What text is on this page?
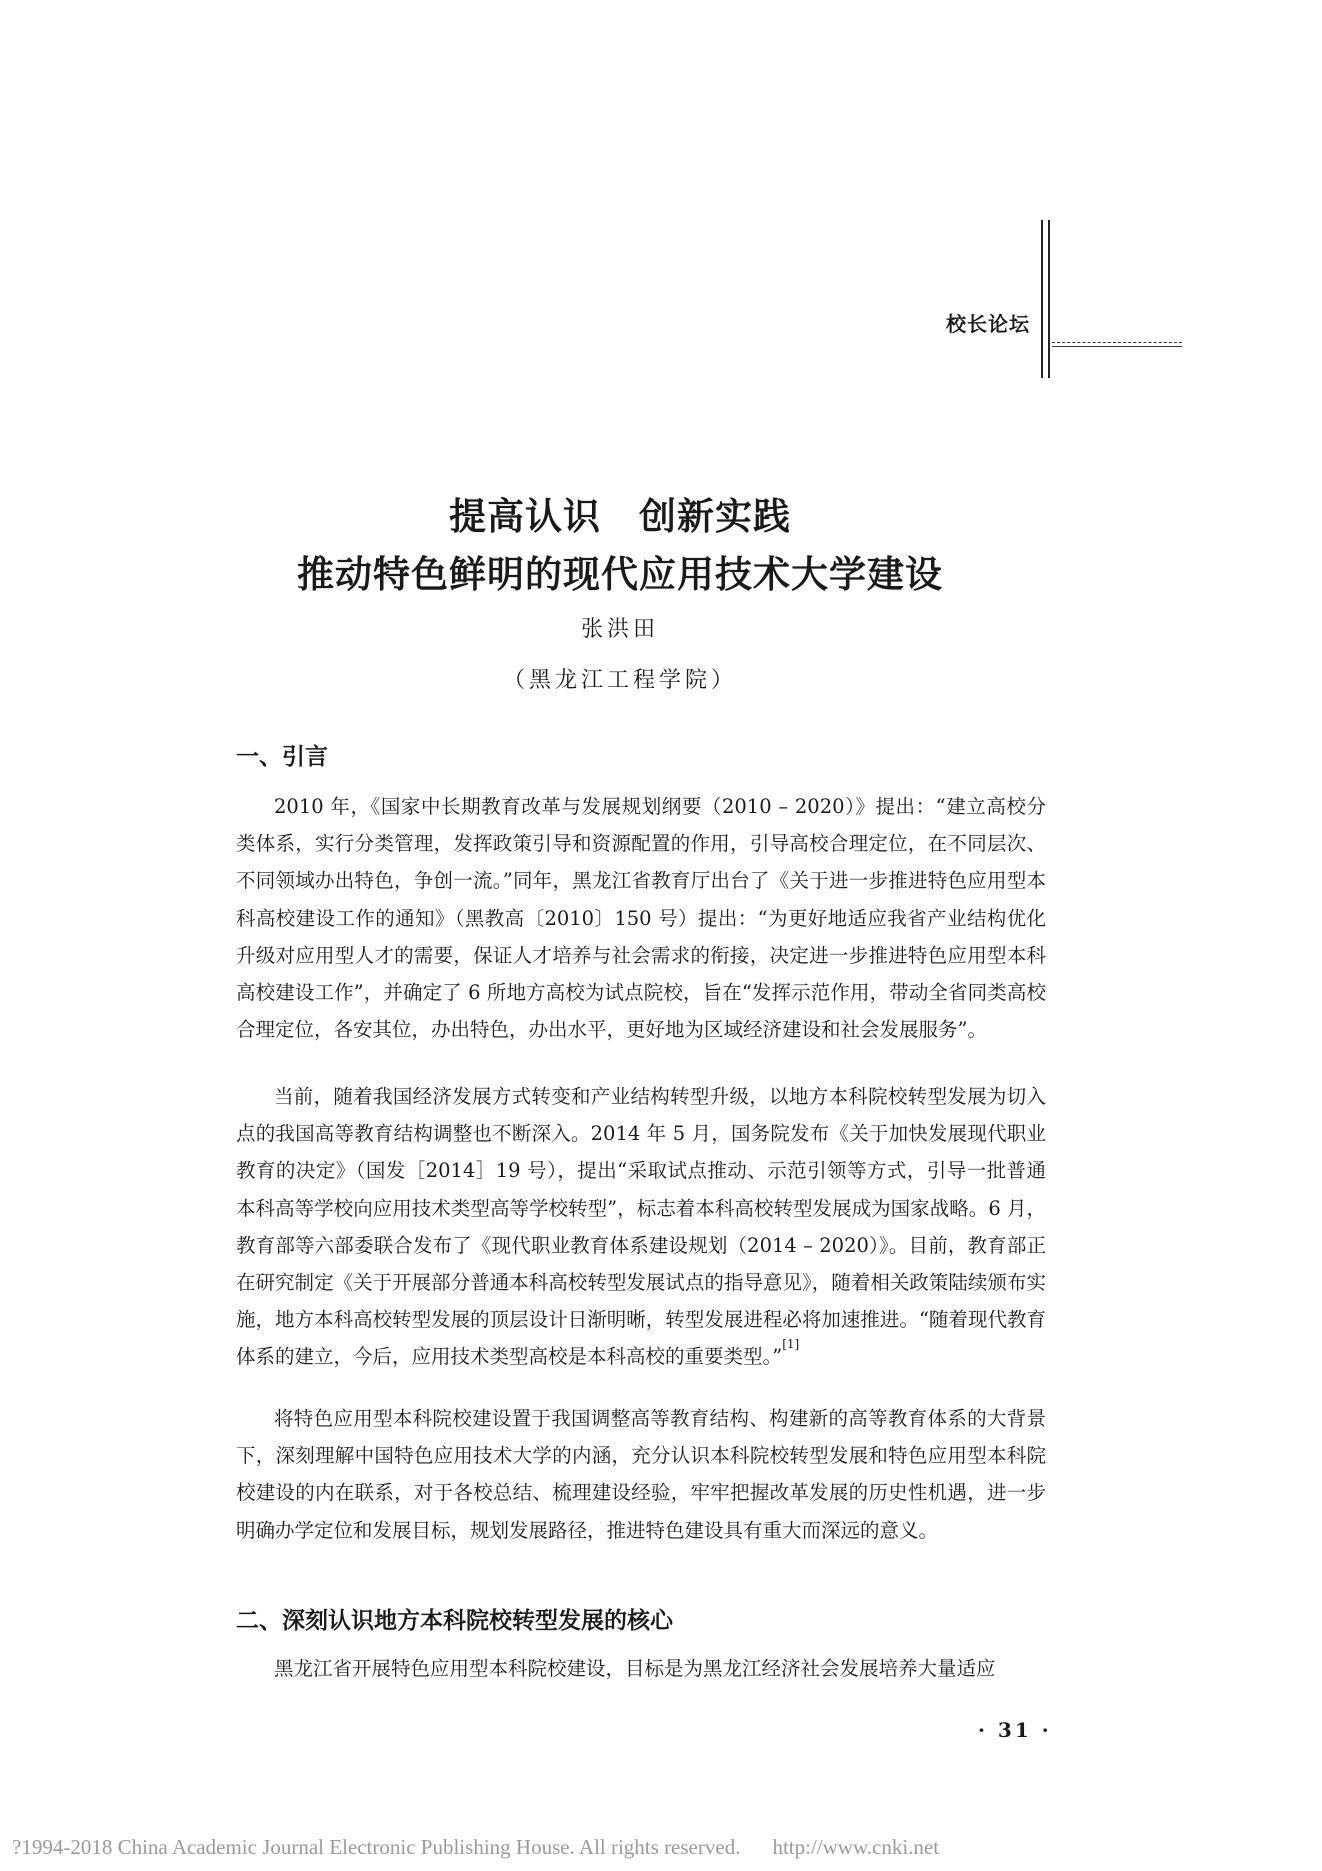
校长论坛
提高认识　创新实践
推动特色鲜明的现代应用技术大学建设
张洪田
（黑龙江工程学院）
一、引言

2010 年，《国家中长期教育改革与发展规划纲要（2010 – 2020）》提出：“建立高校分类体系，实行分类管理，发挥政策引导和资源配置的作用，引导高校合理定位，在不同层次、不同领域办出特色，争创一流。”同年，黑龙江省教育厅出台了《关于进一步推进特色应用型本科高校建设工作的通知》（黑教高〔2010〕150 号）提出：“为更好地适应我省产业结构优化升级对应用型人才的需要，保证人才培养与社会需求的衔接，决定进一步推进特色应用型本科高校建设工作”，并确定了 6 所地方高校为试点院校，旨在“发挥示范作用，带动全省同类高校合理定位，各安其位，办出特色，办出水平，更好地为区域经济建设和社会发展服务”。

当前，随着我国经济发展方式转变和产业结构转型升级，以地方本科院校转型发展为切入点的我国高等教育结构调整也不断深入。2014 年 5 月，国务院发布《关于加快发展现代职业教育的决定》（国发［2014］19 号），提出“采取试点推动、示范引领等方式，引导一批普通本科高等学校向应用技术类型高等学校转型”，标志着本科高校转型发展成为国家战略。6 月，教育部等六部委联合发布了《现代职业教育体系建设规划（2014 – 2020）》。目前，教育部正在研究制定《关于开展部分普通本科高校转型发展试点的指导意见》，随着相关政策陆续颁布实施，地方本科高校转型发展的顶层设计日渐明晰，转型发展进程必将加速推进。“随着现代教育体系的建立，今后，应用技术类型高校是本科高校的重要类型。”[1]

将特色应用型本科院校建设置于我国调整高等教育结构、构建新的高等教育体系的大背景下，深刻理解中国特色应用技术大学的内涵，充分认识本科院校转型发展和特色应用型本科院校建设的内在联系，对于各校总结、梳理建设经验，牢牢把握改革发展的历史性机遇，进一步明确办学定位和发展目标，规划发展路径，推进特色建设具有重大而深远的意义。

二、深刻认识地方本科院校转型发展的核心

黑龙江省开展特色应用型本科院校建设，目标是为黑龙江经济社会发展培养大量适应

· 31 ·
?1994-2018 China Academic Journal Electronic Publishing House. All rights reserved. http://www.cnki.net
